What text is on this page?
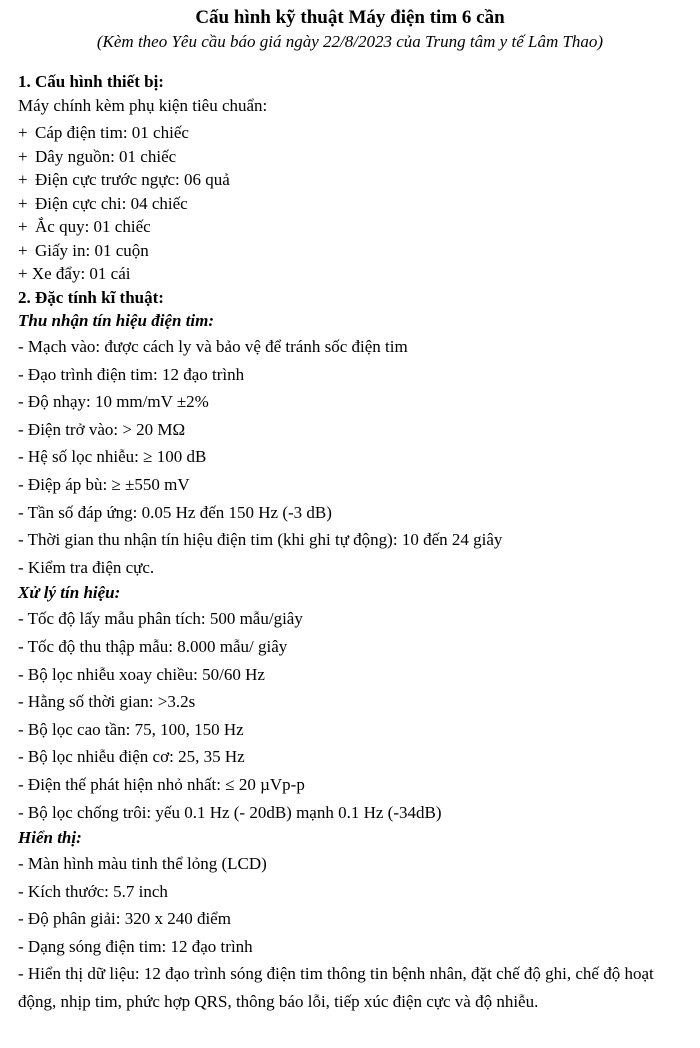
Cấu hình kỹ thuật Máy điện tim 6 cần

(Kèm theo Yêu cầu báo giá ngày 22/8/2023 của Trung tâm y tế Lâm Thao)

1. Cấu hình thiết bị:

Máy chính kèm phụ kiện tiêu chuẩn:

+ Cáp điện tim: 01 chiếc

+ Dây nguồn: 01 chiếc

+ Điện cực trước ngực: 06 quả

+ Điện cực chi: 04 chiếc

+ Ắc quy: 01 chiếc

+ Giấy in: 01 cuộn

+ Xe đẩy: 01 cái

2. Đặc tính kĩ thuật:

Thu nhận tín hiệu điện tim:

- Mạch vào: được cách ly và bảo vệ để tránh sốc điện tim

- Đạo trình điện tim: 12 đạo trình

- Độ nhạy: 10 mm/mV ±2%

- Điện trở vào: > 20 MΩ

- Hệ số lọc nhiễu: ≥ 100 dB

- Điệp áp bù: ≥ ±550 mV

- Tần số đáp ứng: 0.05 Hz đến 150 Hz (-3 dB)

- Thời gian thu nhận tín hiệu điện tim (khi ghi tự động): 10 đến 24 giây

- Kiểm tra điện cực.

Xử lý tín hiệu:

- Tốc độ lấy mẫu phân tích: 500 mẫu/giây

- Tốc độ thu thập mẫu: 8.000 mẫu/ giây

- Bộ lọc nhiễu xoay chiều: 50/60 Hz

- Hằng số thời gian: >3.2s

- Bộ lọc cao tần: 75, 100, 150 Hz

- Bộ lọc nhiễu điện cơ: 25, 35 Hz

- Điện thế phát hiện nhỏ nhất: ≤ 20 µVp-p

- Bộ lọc chống trôi: yếu 0.1 Hz (- 20dB) mạnh 0.1 Hz (-34dB)

Hiển thị:

- Màn hình màu tinh thể lỏng (LCD)

- Kích thước: 5.7 inch

- Độ phân giải: 320 x 240 điểm

- Dạng sóng điện tim: 12 đạo trình

- Hiển thị dữ liệu: 12 đạo trình sóng điện tim thông tin bệnh nhân, đặt chế độ ghi, chế độ hoạt động, nhịp tim, phức hợp QRS, thông báo lỗi, tiếp xúc điện cực và độ nhiễu.
